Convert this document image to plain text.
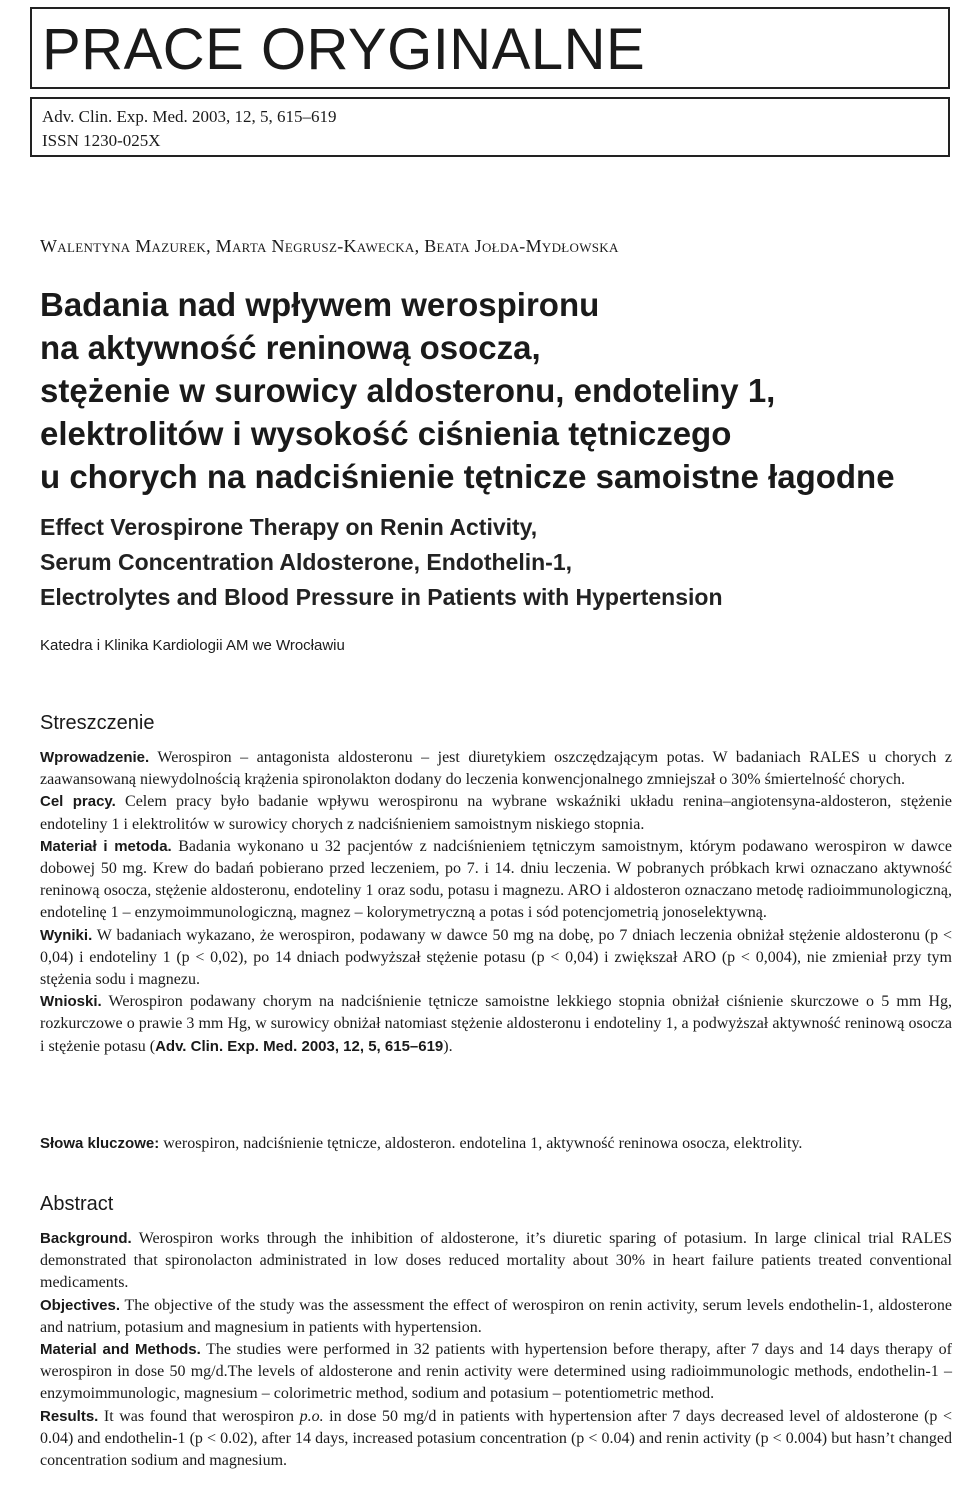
PRACE ORYGINALNE
Adv. Clin. Exp. Med. 2003, 12, 5, 615–619
ISSN 1230-025X
Walentyna Mazurek, Marta Negrusz-Kawecka, Beata Jołda-Mydłowska
Badania nad wpływem werospironu
na aktywność reninową osocza,
stężenie w surowicy aldosteronu, endoteliny 1,
elektrolitów i wysokość ciśnienia tętniczego
u chorych na nadciśnienie tętnicze samoistne łagodne
Effect Verospirone Therapy on Renin Activity,
Serum Concentration Aldosterone, Endothelin-1,
Electrolytes and Blood Pressure in Patients with Hypertension
Katedra i Klinika Kardiologii AM we Wrocławiu
Streszczenie

Wprowadzenie. Werospiron – antagonista aldosteronu – jest diuretykiem oszczędzającym potas. W badaniach RALES u chorych z zaawansowaną niewydolnością krążenia spironolakton dodany do leczenia konwencjonalnego zmniejszał o 30% śmiertelność chorych.

Cel pracy. Celem pracy było badanie wpływu werospironu na wybrane wskaźniki układu renina–angiotensyna-aldosteron, stężenie endoteliny 1 i elektrolitów w surowicy chorych z nadciśnieniem samoistnym niskiego stopnia.

Materiał i metoda. Badania wykonano u 32 pacjentów z nadciśnieniem tętniczym samoistnym, którym podawano werospiron w dawce dobowej 50 mg. Krew do badań pobierano przed leczeniem, po 7. i 14. dniu leczenia. W pobranych próbkach krwi oznaczano aktywność reninową osocza, stężenie aldosteronu, endoteliny 1 oraz sodu, potasu i magnezu. ARO i aldosteron oznaczano metodę radioimmunologiczną, endotelinę 1 – enzymoimmunologiczną, magnez – kolorymetryczną a potas i sód potencjometrią jonoselektywną.

Wyniki. W badaniach wykazano, że werospiron, podawany w dawce 50 mg na dobę, po 7 dniach leczenia obniżał stężenie aldosteronu (p < 0,04) i endoteliny 1 (p < 0,02), po 14 dniach podwyższał stężenie potasu (p < 0,04) i zwiększał ARO (p < 0,004), nie zmieniał przy tym stężenia sodu i magnezu.

Wnioski. Werospiron podawany chorym na nadciśnienie tętnicze samoistne lekkiego stopnia obniżał ciśnienie skurczowe o 5 mm Hg, rozkurczowe o prawie 3 mm Hg, w surowicy obniżał natomiast stężenie aldosteronu i endoteliny 1, a podwyższał aktywność reninową osocza i stężenie potasu (Adv. Clin. Exp. Med. 2003, 12, 5, 615–619).

Słowa kluczowe: werospiron, nadciśnienie tętnicze, aldosteron. endotelina 1, aktywność reninowa osocza, elektrolity.

Abstract

Background. Werospiron works through the inhibition of aldosterone, it’s diuretic sparing of potasium. In large clinical trial RALES demonstrated that spironolacton administrated in low doses reduced mortality about 30% in heart failure patients treated conventional medicaments.

Objectives. The objective of the study was the assessment the effect of werospiron on renin activity, serum levels endothelin-1, aldosterone and natrium, potasium and magnesium in patients with hypertension.

Material and Methods. The studies were performed in 32 patients with hypertension before therapy, after 7 days and 14 days therapy of werospiron in dose 50 mg/d.The levels of aldosterone and renin activity were determined using radioimmunologic methods, endothelin-1 – enzymoimmunologic, magnesium – colorimetric method, sodium and potasium – potentiometric method.

Results. It was found that werospiron p.o. in dose 50 mg/d in patients with hypertension after 7 days decreased level of aldosterone (p < 0.04) and endothelin-1 (p < 0.02), after 14 days, increased potasium concentration (p < 0.04) and renin activity (p < 0.004) but hasn’t changed concentration sodium and magnesium.
